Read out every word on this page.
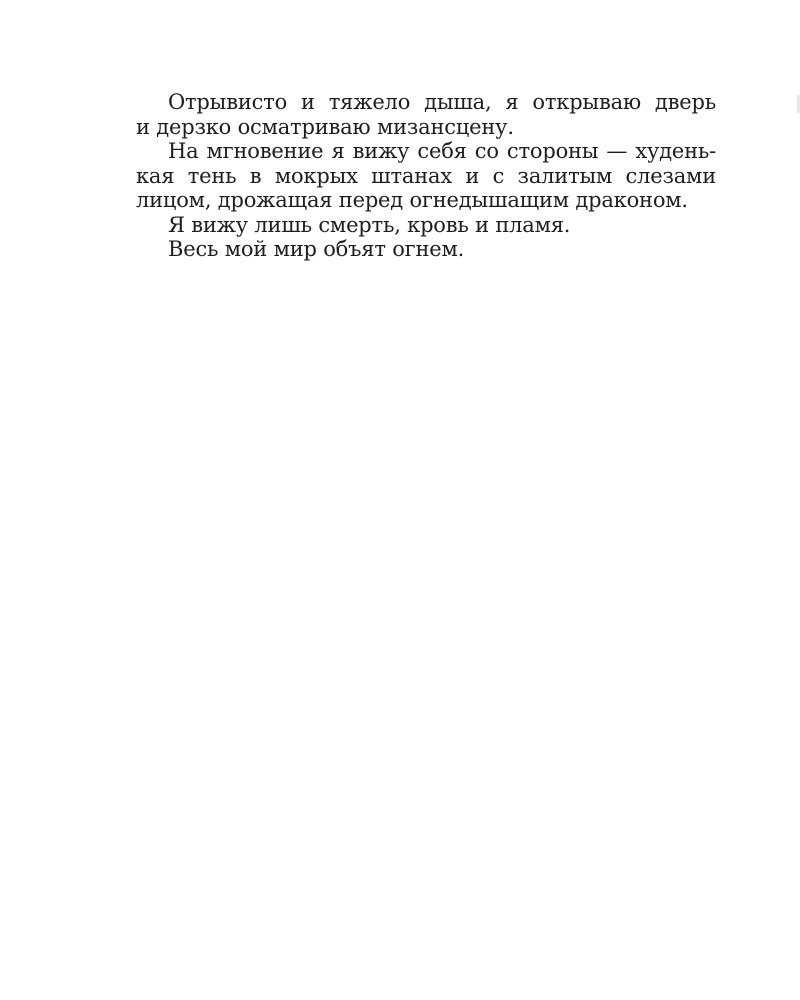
Отрывисто и тяжело дыша, я открываю дверь
и дерзко осматриваю мизансцену.
На мгновение я вижу себя со стороны — худень-
кая тень в мокрых штанах и с залитым слезами
лицом, дрожащая перед огнедышащим драконом.
Я вижу лишь смерть, кровь и пламя.
Весь мой мир объят огнем.
